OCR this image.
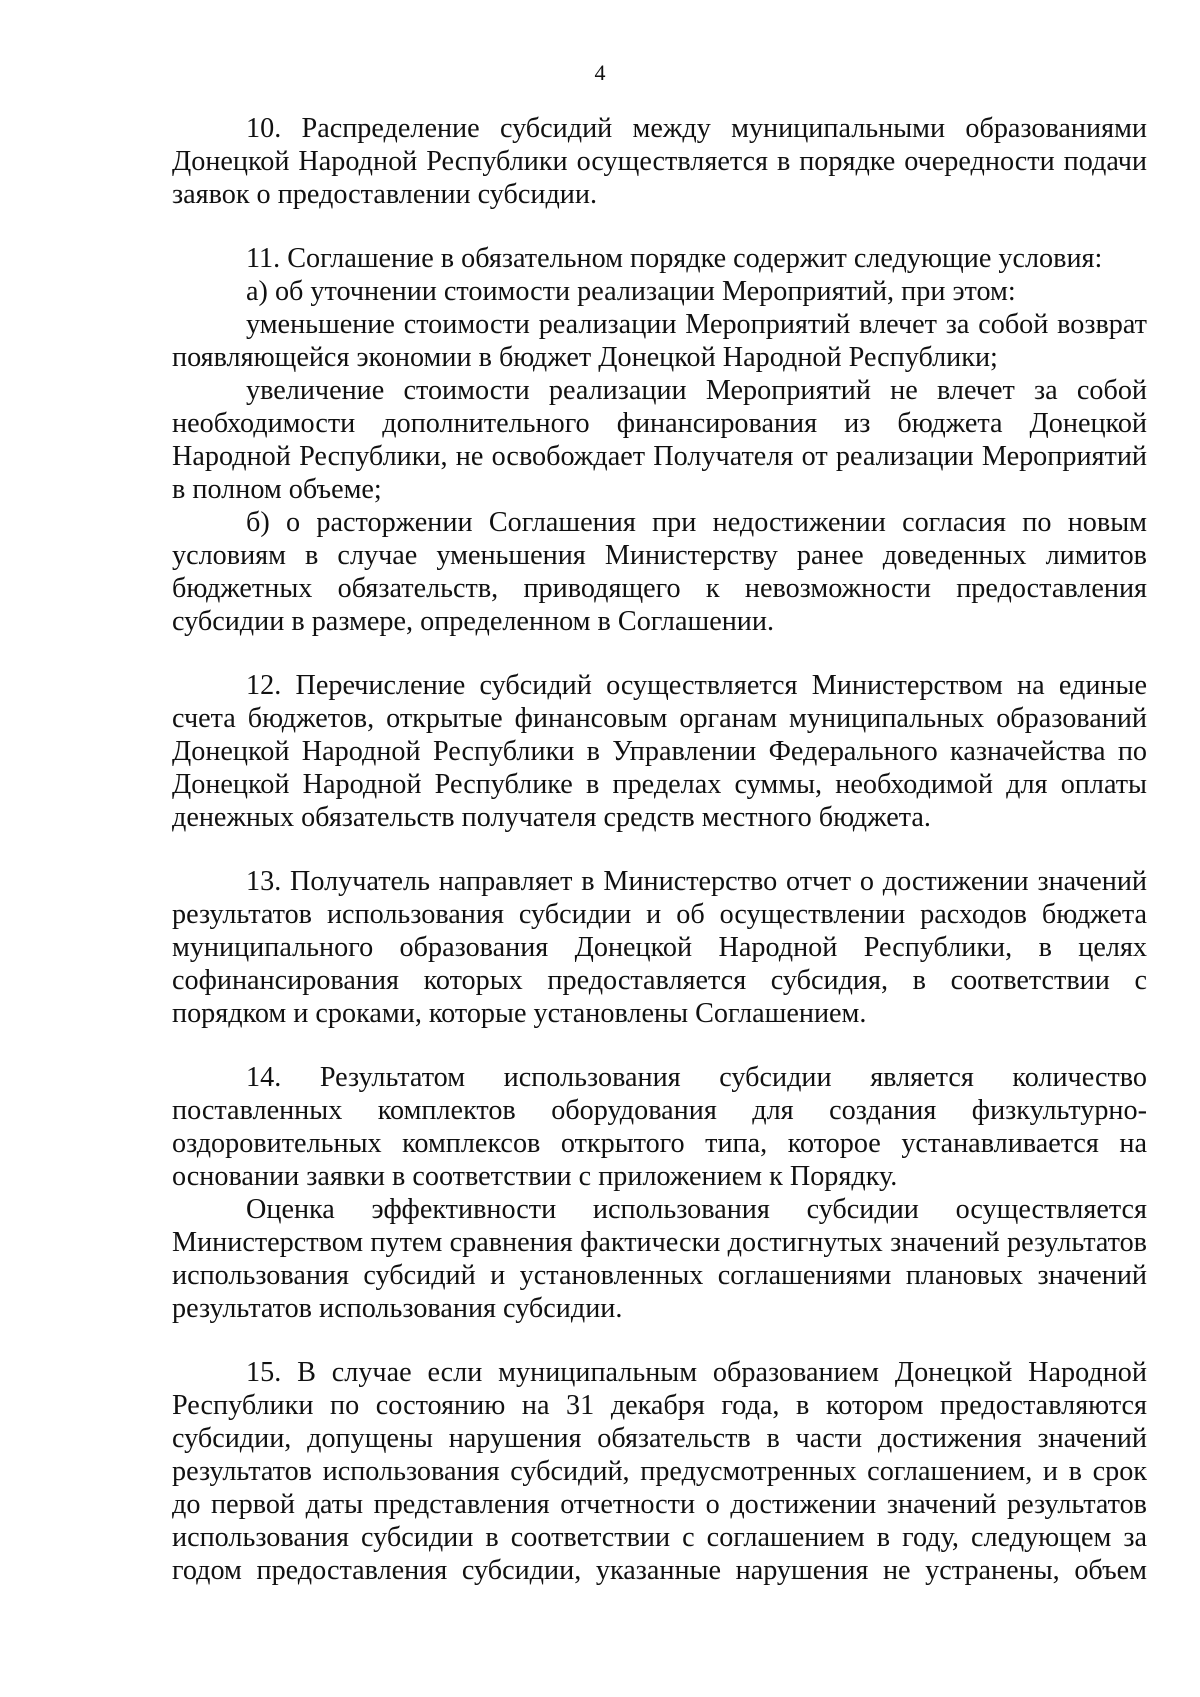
4

10. Распределение субсидий между муниципальными образованиями Донецкой Народной Республики осуществляется в порядке очередности подачи заявок о предоставлении субсидии.

11. Соглашение в обязательном порядке содержит следующие условия:

а) об уточнении стоимости реализации Мероприятий, при этом:

уменьшение стоимости реализации Мероприятий влечет за собой возврат появляющейся экономии в бюджет Донецкой Народной Республики;

увеличение стоимости реализации Мероприятий не влечет за собой необходимости дополнительного финансирования из бюджета Донецкой Народной Республики, не освобождает Получателя от реализации Мероприятий в полном объеме;

б) о расторжении Соглашения при недостижении согласия по новым условиям в случае уменьшения Министерству ранее доведенных лимитов бюджетных обязательств, приводящего к невозможности предоставления субсидии в размере, определенном в Соглашении.

12. Перечисление субсидий осуществляется Министерством на единые счета бюджетов, открытые финансовым органам муниципальных образований Донецкой Народной Республики в Управлении Федерального казначейства по Донецкой Народной Республике в пределах суммы, необходимой для оплаты денежных обязательств получателя средств местного бюджета.

13. Получатель направляет в Министерство отчет о достижении значений результатов использования субсидии и об осуществлении расходов бюджета муниципального образования Донецкой Народной Республики, в целях софинансирования которых предоставляется субсидия, в соответствии с порядком и сроками, которые установлены Соглашением.

14. Результатом использования субсидии является количество поставленных комплектов оборудования для создания физкультурно-оздоровительных комплексов открытого типа, которое устанавливается на основании заявки в соответствии с приложением к Порядку.

Оценка эффективности использования субсидии осуществляется Министерством путем сравнения фактически достигнутых значений результатов использования субсидий и установленных соглашениями плановых значений результатов использования субсидии.

15. В случае если муниципальным образованием Донецкой Народной Республики по состоянию на 31 декабря года, в котором предоставляются субсидии, допущены нарушения обязательств в части достижения значений результатов использования субсидий, предусмотренных соглашением, и в срок до первой даты представления отчетности о достижении значений результатов использования субсидии в соответствии с соглашением в году, следующем за годом предоставления субсидии, указанные нарушения не устранены, объем
